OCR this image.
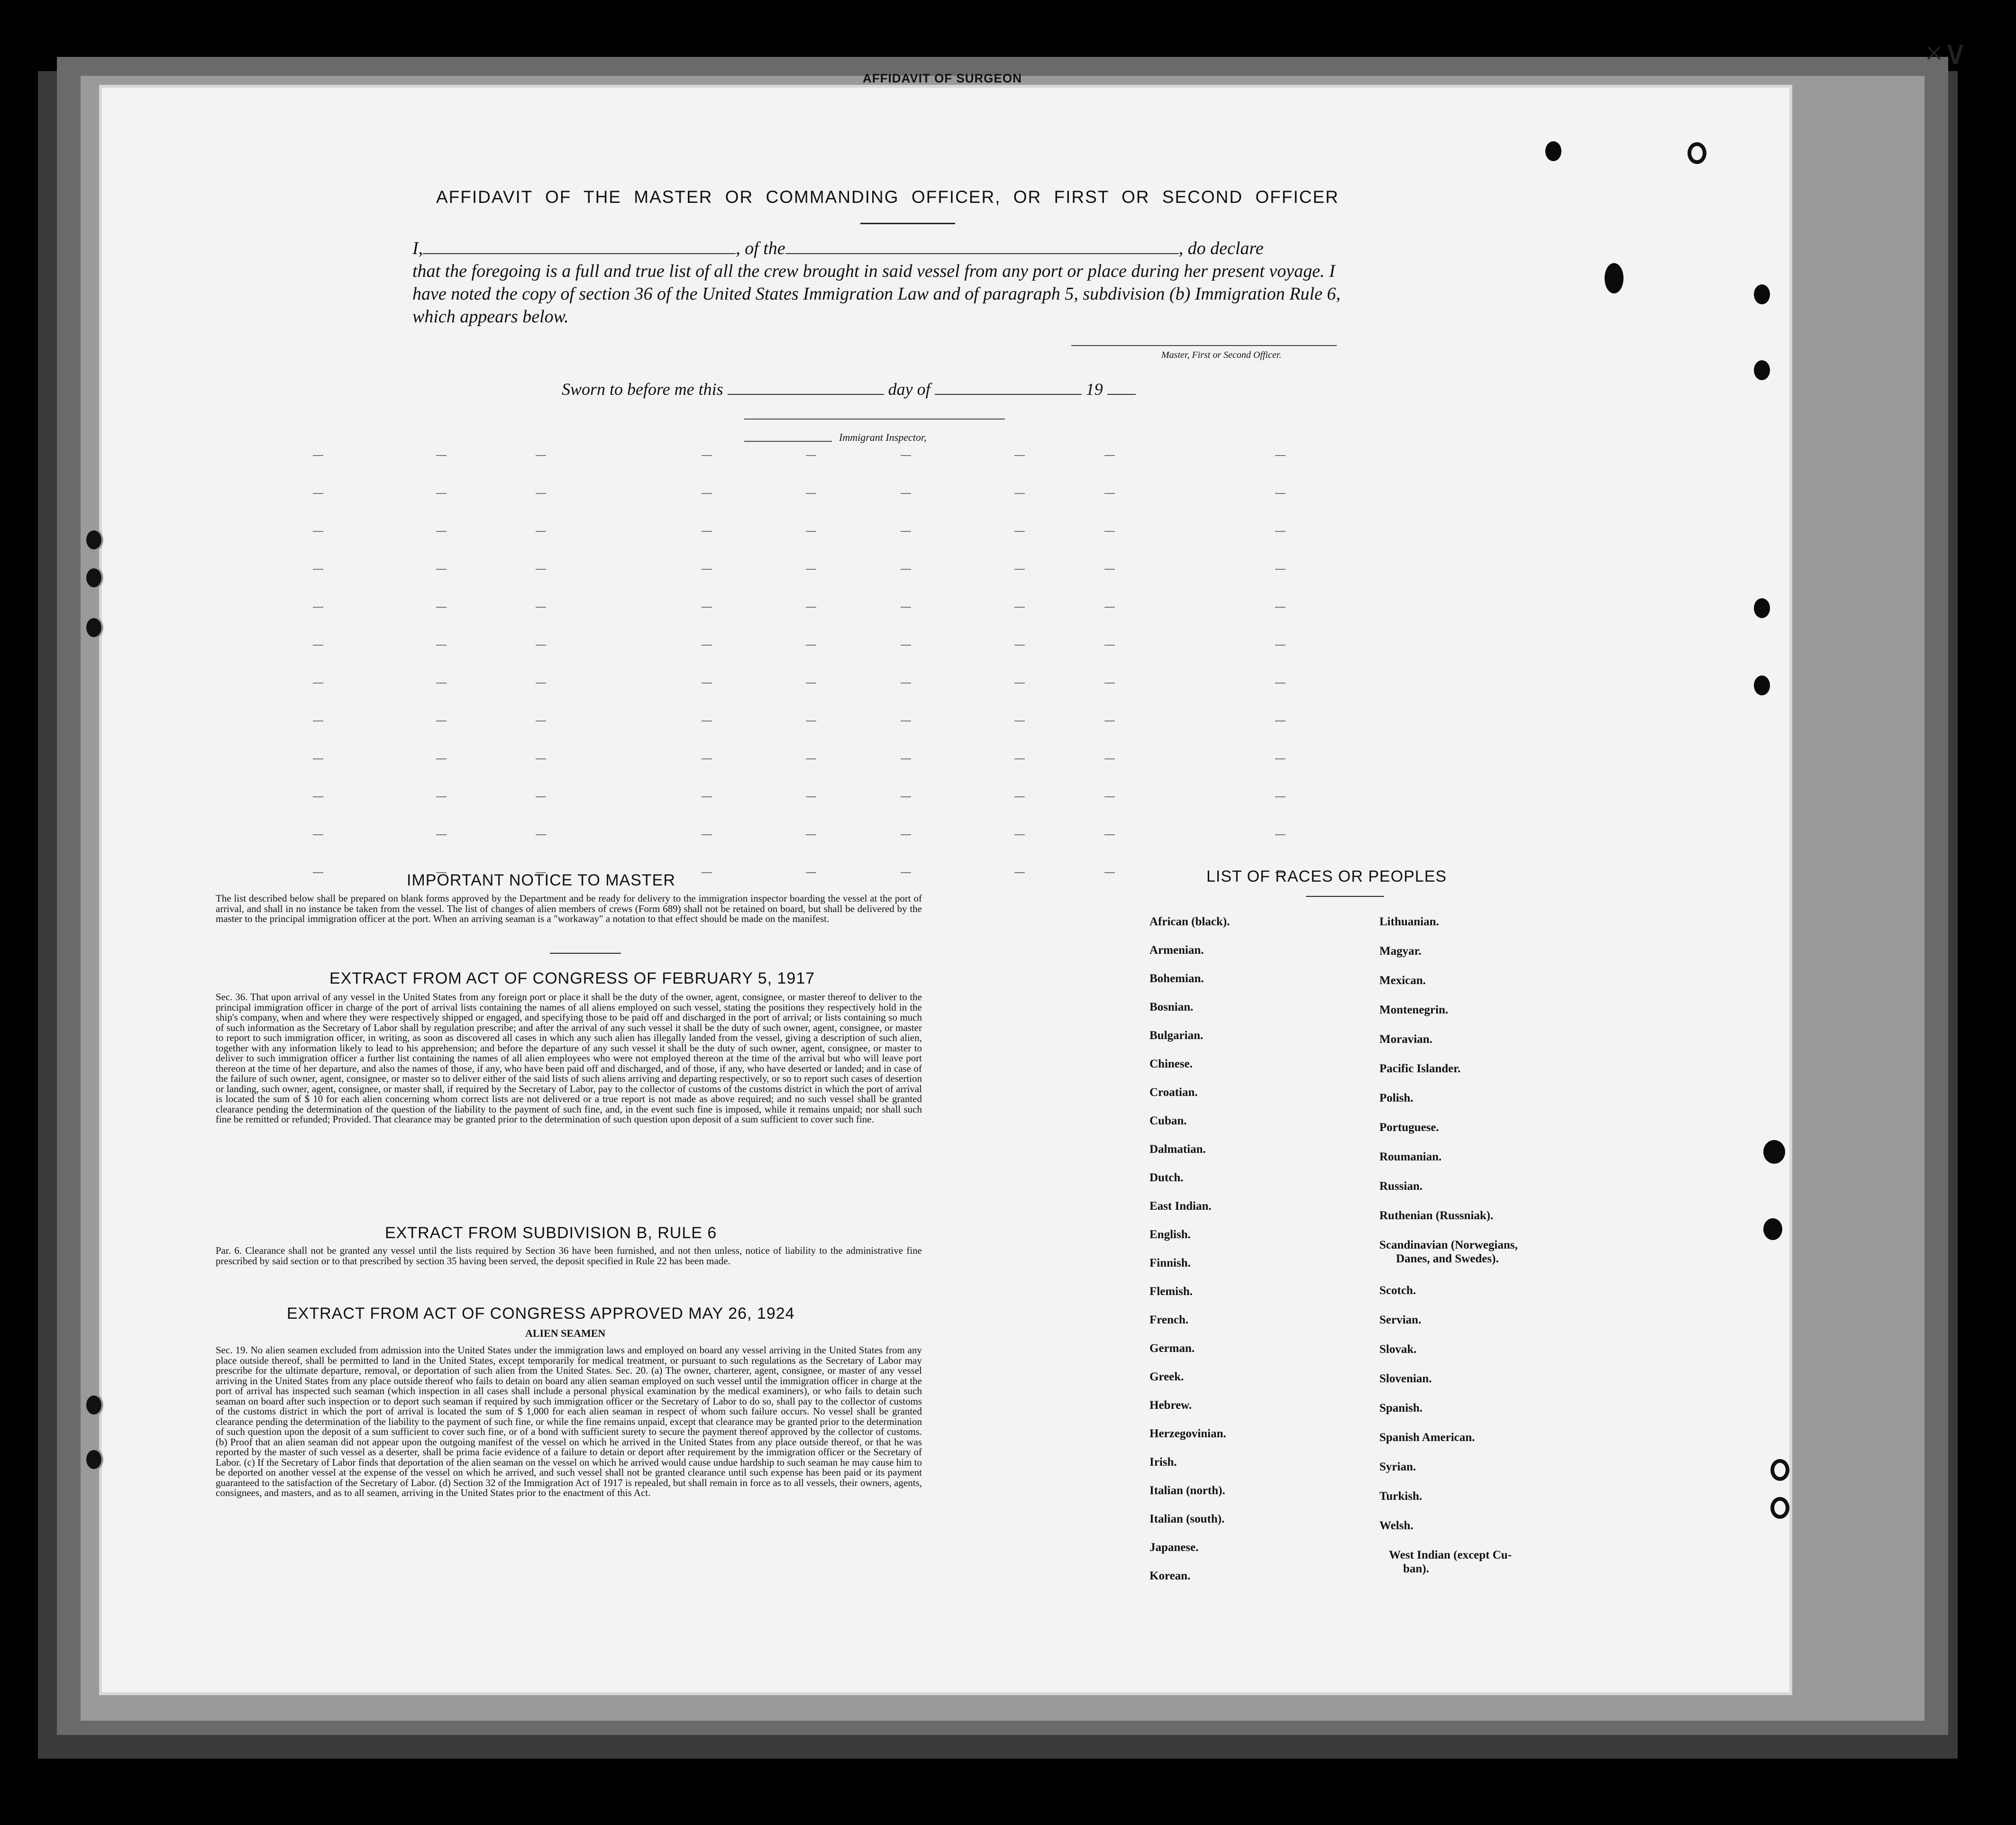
AFFIDAVIT OF SURGEON
×∨
AFFIDAVIT OF THE MASTER OR COMMANDING OFFICER, OR FIRST OR SECOND OFFICER
I,	, of the	, do declare
that the foregoing is a full and true list of all the crew brought in said vessel from any port or place during her present voyage. I have noted the copy of section 36 of the United States Immigration Law and of paragraph 5, subdivision (b) Immigration Rule 6, which appears below.
Master, First or Second Officer.
Sworn to before me this	day of	19
Immigrant Inspector,
IMPORTANT NOTICE TO MASTER
The list described below shall be prepared on blank forms approved by the Department and be ready for delivery to the immigration inspector boarding the vessel at the port of arrival, and shall in no instance be taken from the vessel. The list of changes of alien members of crews (Form 689) shall not be retained on board, but shall be delivered by the master to the principal immigration officer at the port. When an arriving seaman is a "workaway" a notation to that effect should be made on the manifest.
EXTRACT FROM ACT OF CONGRESS OF FEBRUARY 5, 1917
Sec. 36. That upon arrival of any vessel in the United States from any foreign port or place it shall be the duty of the owner, agent, consignee, or master thereof to deliver to the principal immigration officer in charge of the port of arrival lists containing the names of all aliens employed on such vessel, stating the positions they respectively hold in the ship's company, when and where they were respectively shipped or engaged, and specifying those to be paid off and discharged in the port of arrival; or lists containing so much of such information as the Secretary of Labor shall by regulation prescribe; and after the arrival of any such vessel it shall be the duty of such owner, agent, consignee, or master to report to such immigration officer, in writing, as soon as discovered all cases in which any such alien has illegally landed from the vessel, giving a description of such alien, together with any information likely to lead to his apprehension; and before the departure of any such vessel it shall be the duty of such owner, agent, consignee, or master to deliver to such immigration officer a further list containing the names of all alien employees who were not employed thereon at the time of the arrival but who will leave port thereon at the time of her departure, and also the names of those, if any, who have been paid off and discharged, and of those, if any, who have deserted or landed; and in case of the failure of such owner, agent, consignee, or master so to deliver either of the said lists of such aliens arriving and departing respectively, or so to report such cases of desertion or landing, such owner, agent, consignee, or master shall, if required by the Secretary of Labor, pay to the collector of customs of the customs district in which the port of arrival is located the sum of $ 10 for each alien concerning whom correct lists are not delivered or a true report is not made as above required; and no such vessel shall be granted clearance pending the determination of the question of the liability to the payment of such fine, and, in the event such fine is imposed, while it remains unpaid; nor shall such fine be remitted or refunded; Provided. That clearance may be granted prior to the determination of such question upon deposit of a sum sufficient to cover such fine.
EXTRACT FROM SUBDIVISION B, RULE 6
Par. 6. Clearance shall not be granted any vessel until the lists required by Section 36 have been furnished, and not then unless, notice of liability to the administrative fine prescribed by said section or to that prescribed by section 35 having been served, the deposit specified in Rule 22 has been made.
EXTRACT FROM ACT OF CONGRESS APPROVED MAY 26, 1924
ALIEN SEAMEN
Sec. 19. No alien seamen excluded from admission into the United States under the immigration laws and employed on board any vessel arriving in the United States from any place outside thereof, shall be permitted to land in the United States, except temporarily for medical treatment, or pursuant to such regulations as the Secretary of Labor may prescribe for the ultimate departure, removal, or deportation of such alien from the United States. Sec. 20. (a) The owner, charterer, agent, consignee, or master of any vessel arriving in the United States from any place outside thereof who fails to detain on board any alien seaman employed on such vessel until the immigration officer in charge at the port of arrival has inspected such seaman (which inspection in all cases shall include a personal physical examination by the medical examiners), or who fails to detain such seaman on board after such inspection or to deport such seaman if required by such immigration officer or the Secretary of Labor to do so, shall pay to the collector of customs of the customs district in which the port of arrival is located the sum of $ 1,000 for each alien seaman in respect of whom such failure occurs. No vessel shall be granted clearance pending the determination of the liability to the payment of such fine, or while the fine remains unpaid, except that clearance may be granted prior to the determination of such question upon the deposit of a sum sufficient to cover such fine, or of a bond with sufficient surety to secure the payment thereof approved by the collector of customs. (b) Proof that an alien seaman did not appear upon the outgoing manifest of the vessel on which he arrived in the United States from any place outside thereof, or that he was reported by the master of such vessel as a deserter, shall be prima facie evidence of a failure to detain or deport after requirement by the immigration officer or the Secretary of Labor. (c) If the Secretary of Labor finds that deportation of the alien seaman on the vessel on which he arrived would cause undue hardship to such seaman he may cause him to be deported on another vessel at the expense of the vessel on which he arrived, and such vessel shall not be granted clearance until such expense has been paid or its payment guaranteed to the satisfaction of the Secretary of Labor. (d) Section 32 of the Immigration Act of 1917 is repealed, but shall remain in force as to all vessels, their owners, agents, consignees, and masters, and as to all seamen, arriving in the United States prior to the enactment of this Act.
LIST OF RACES OR PEOPLES
African (black).
Armenian.
Bohemian.
Bosnian.
Bulgarian.
Chinese.
Croatian.
Cuban.
Dalmatian.
Dutch.
East Indian.
English.
Finnish.
Flemish.
French.
German.
Greek.
Hebrew.
Herzegovinian.
Irish.
Italian (north).
Italian (south).
Japanese.
Korean.
Lithuanian.
Magyar.
Mexican.
Montenegrin.
Moravian.
Pacific Islander.
Polish.
Portuguese.
Roumanian.
Russian.
Ruthenian (Russniak).
Scandinavian (Norwegians,
Danes, and Swedes).
Scotch.
Servian.
Slovak.
Slovenian.
Spanish.
Spanish American.
Syrian.
Turkish.
Welsh.
West Indian (except Cu-
ban).
